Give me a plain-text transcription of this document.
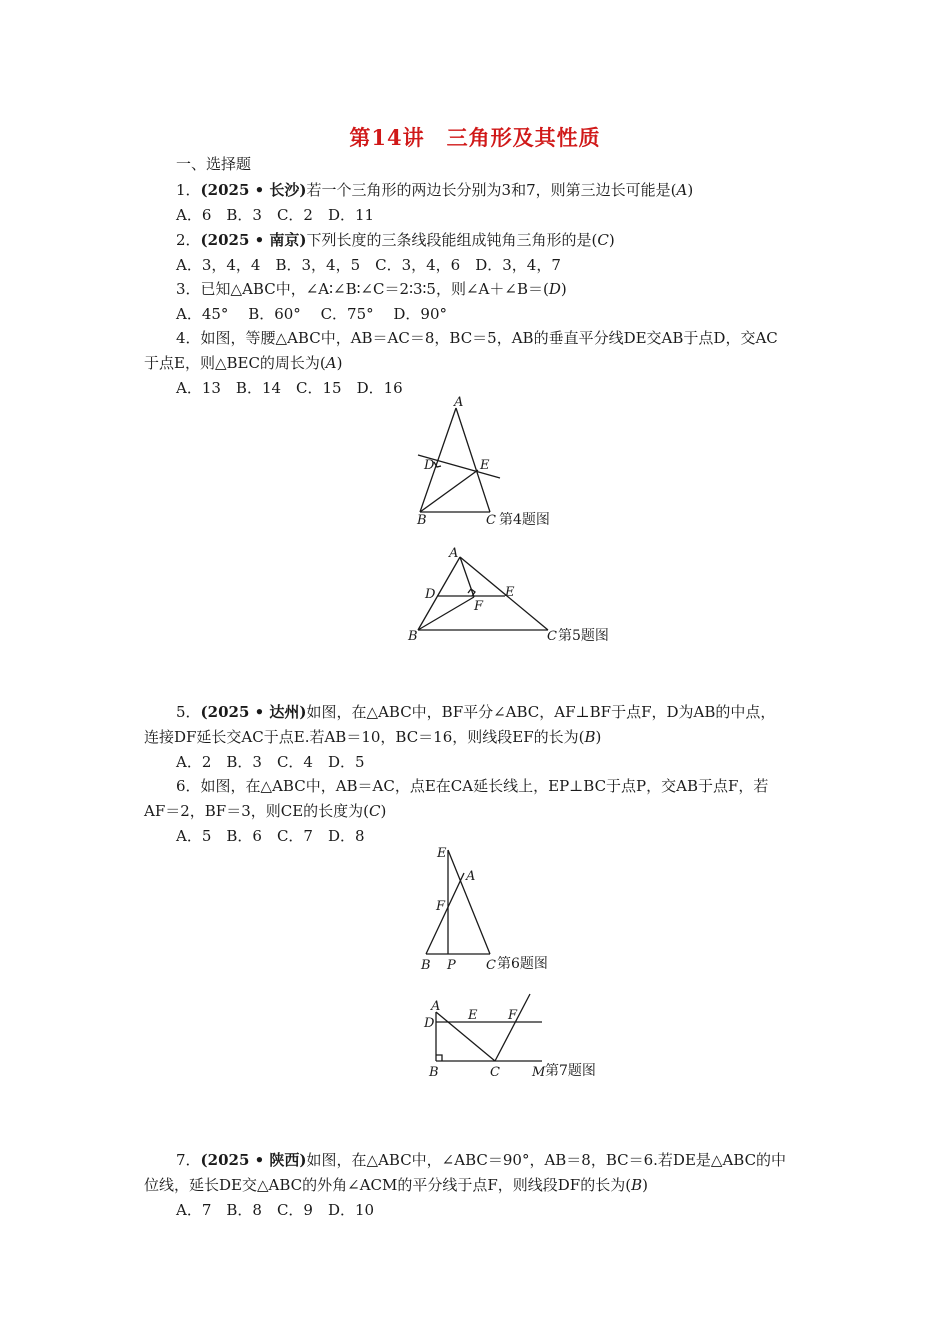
第14讲　三角形及其性质
一、选择题
1．(2025 • 长沙)若一个三角形的两边长分别为3和7，则第三边长可能是(A)
A．6　B．3　C．2　D．11
2．(2025 • 南京)下列长度的三条线段能组成钝角三角形的是(C)
A．3，4，4　B．3，4，5　C．3，4，6　D．3，4，7
3．已知△ABC中，∠A∶∠B∶∠C＝2∶3∶5，则∠A＋∠B＝(D)
A．45°　 B．60°　 C．75°　 D．90°
4．如图，等腰△ABC中，AB＝AC＝8，BC＝5，AB的垂直平分线DE交AB于点D，交AC
于点E，则△BEC的周长为(A)
A．13　B．14　C．15　D．16
5．(2025 • 达州)如图，在△ABC中，BF平分∠ABC，AF⊥BF于点F，D为AB的中点，
连接DF延长交AC于点E.若AB＝10，BC＝16，则线段EF的长为(B)
A．2　B．3　C．4　D．5
6．如图，在△ABC中，AB＝AC，点E在CA延长线上，EP⊥BC于点P，交AB于点F，若
AF＝2，BF＝3，则CE的长度为(C)
A．5　B．6　C．7　D．8
7．(2025 • 陕西)如图，在△ABC中，∠ABC＝90°，AB＝8，BC＝6.若DE是△ABC的中
位线，延长DE交△ABC的外角∠ACM的平分线于点F，则线段DF的长为(B)
A．7　B．8　C．9　D．10
A
B	C
D	E
第4题图
A
B	C
D	E
F
第5题图
E
A
F
B P C 第6题图
A
D
E F
B	C M 第7题图
